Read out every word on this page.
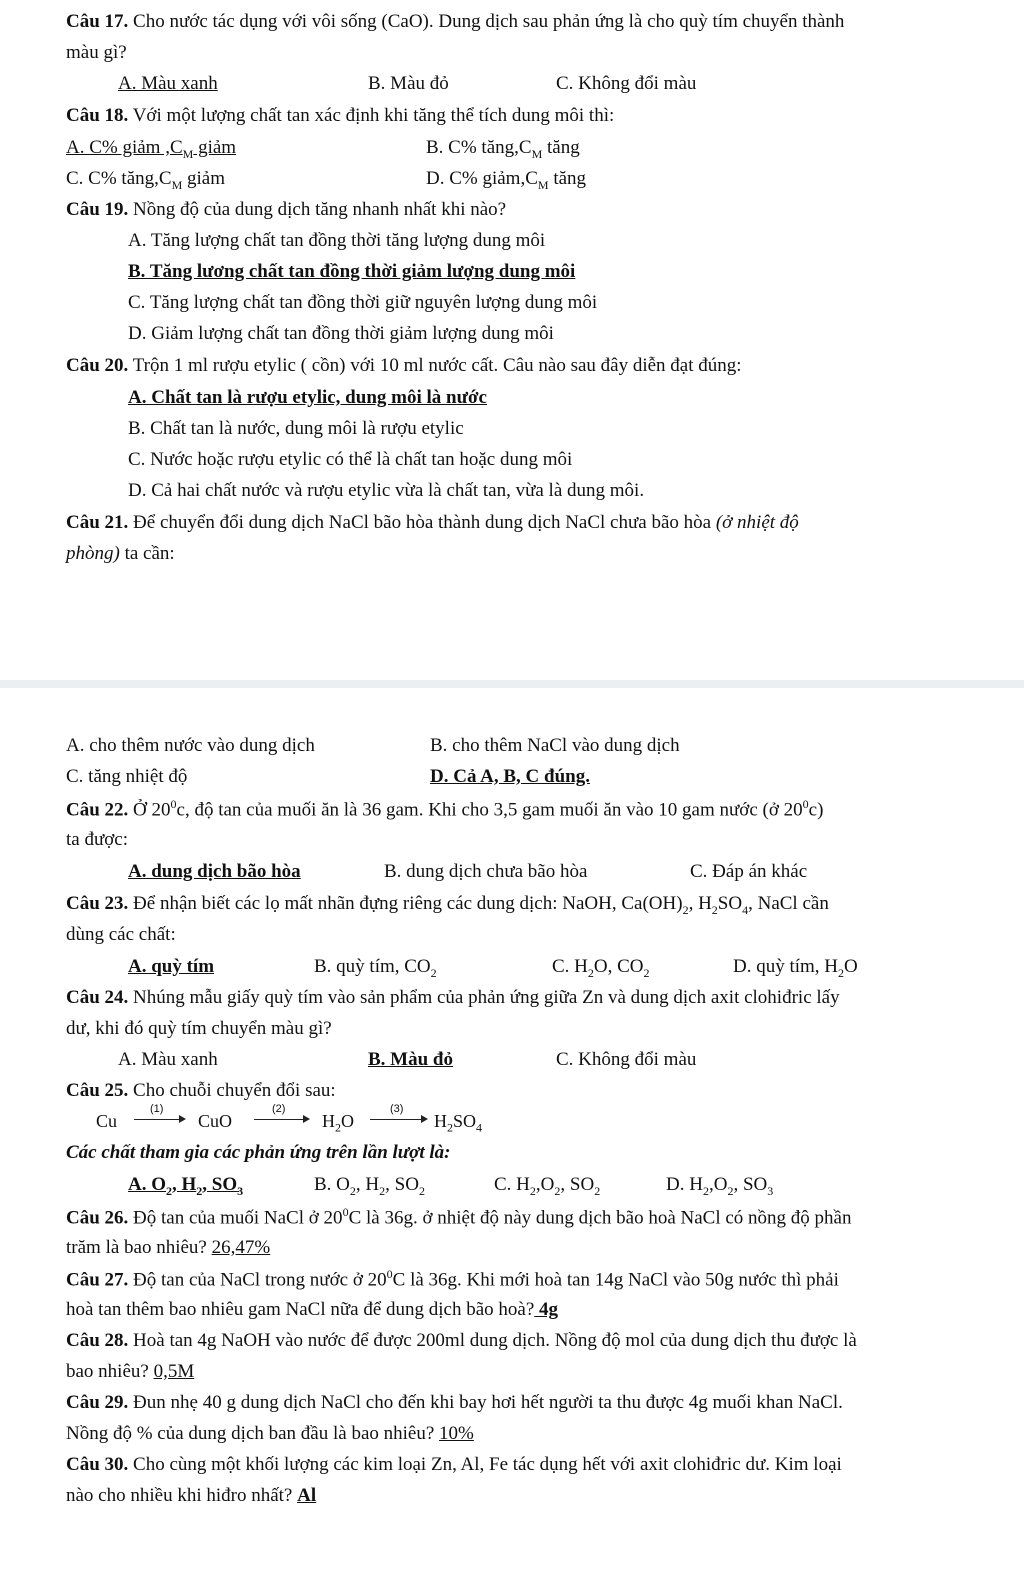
Câu 17. Cho nước tác dụng với vôi sống (CaO). Dung dịch sau phản ứng là cho quỳ tím chuyển thành
màu gì?
A. Màu xanh	B. Màu đỏ	C. Không đổi màu
Câu 18. Với một lượng chất tan xác định khi tăng thể tích dung môi thì:
A. C% giảm $,C_M$ giảm	B. C% $tăng,C_M$ tăng
C. C% $tăng,C_M$ giảm	D. C% $giảm,C_M$ tăng
Câu 19. Nồng độ của dung dịch tăng nhanh nhất khi nào?
A. Tăng lượng chất tan đồng thời tăng lượng dung môi
B. Tăng lương chất tan đồng thời giảm lượng dung môi
C. Tăng lượng chất tan đồng thời giữ nguyên lượng dung môi
D. Giảm lượng chất tan đồng thời giảm lượng dung môi
Câu 20. Trộn 1 ml rượu etylic ( cồn) với 10 ml nước cất. Câu nào sau đây diễn đạt đúng:
A. Chất tan là rượu etylic, dung môi là nước
B. Chất tan là nước, dung môi là rượu etylic
C. Nước hoặc rượu etylic có thể là chất tan hoặc dung môi
D. Cả hai chất nước và rượu etylic vừa là chất tan, vừa là dung môi.
Câu 21. Để chuyển đổi dung dịch NaCl bão hòa thành dung dịch NaCl chưa bão hòa (ở nhiệt độ
phòng) ta cần:
A. cho thêm nước vào dung dịch	B. cho thêm NaCl vào dung dịch
C. tăng nhiệt độ	D. Cả A, B, C đúng.
Câu 22. Ở $20^0c$, độ tan của muối ăn là 36 gam. Khi cho 3,5 gam muối ăn vào 10 gam nước (ở $20^0c$)
ta được:
A. dung dịch bão hòa	B. dung dịch chưa bão hòa	C. Đáp án khác
Câu 23. Để nhận biết các lọ mất nhãn đựng riêng các dung dịch: NaOH, $Ca(OH)_2$, $H_2SO_4$, NaCl cần
dùng các chất:
A. quỳ tím	B. quỳ tím, $CO_2$	C. $H_2O$, $CO_2$	D. quỳ tím, $H_2O$
Câu 24. Nhúng mẫu giấy quỳ tím vào sản phẩm của phản ứng giữa Zn và dung dịch axit clohiđric lấy
dư, khi đó quỳ tím chuyển màu gì?
A. Màu xanh	B. Màu đỏ	C. Không đổi màu
Câu 25. Cho chuỗi chuyển đổi sau:
Cu
(1)
CuO
(2)
$H_2O$
(3)
$H_2SO_4$
Các chất tham gia các phản ứng trên lần lượt là:
A. $O_2$, $H_2$, $SO_3$	B. $O_2$, $H_2$, $SO_2$	C. $H_2,O_2$, $SO_2$	D. $H_2,O_2$, $SO_3$
Câu 26. Độ tan của muối NaCl ở $20^0C$ là 36g. ở nhiệt độ này dung dịch bão hoà NaCl có nồng độ phần
trăm là bao nhiêu? 26,47%
Câu 27. Độ tan của NaCl trong nước ở $20^0C$ là 36g. Khi mới hoà tan 14g NaCl vào 50g nước thì phải
hoà tan thêm bao nhiêu gam NaCl nữa để dung dịch bão hoà? 4g
Câu 28. Hoà tan 4g NaOH vào nước để được 200ml dung dịch. Nồng độ mol của dung dịch thu được là
bao nhiêu? 0,5M
Câu 29. Đun nhẹ 40 g dung dịch NaCl cho đến khi bay hơi hết người ta thu được 4g muối khan NaCl.
Nồng độ % của dung dịch ban đầu là bao nhiêu? 10%
Câu 30. Cho cùng một khối lượng các kim loại Zn, Al, Fe tác dụng hết với axit clohiđric dư. Kim loại
nào cho nhiều khi hiđro nhất? Al
